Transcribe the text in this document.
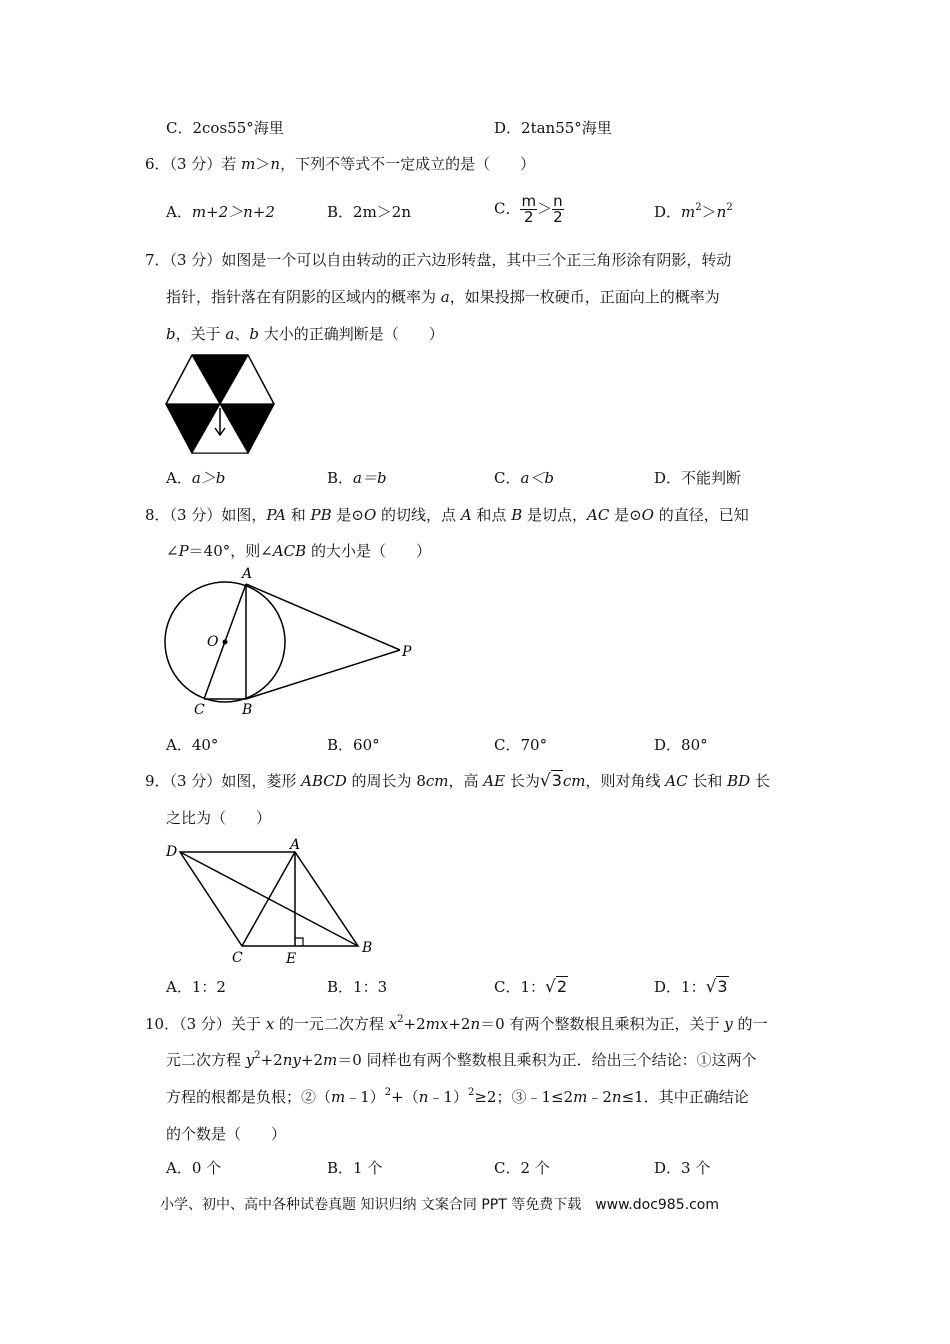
C．2cos55°海里	D．2tan55°海里
6．（3 分）若 m＞n，下列不等式不一定成立的是（　　）
A．m+2＞n+2	B．2m＞2n	C． $\frac{m}{2} > \frac{n}{2}$	D．$m^2>n^2$
7．（3 分）如图是一个可以自由转动的正六边形转盘，其中三个正三角形涂有阴影，转动
指针，指针落在有阴影的区域内的概率为 a，如果投掷一枚硬币，正面向上的概率为
b，关于 a、b 大小的正确判断是（　　）
A．a＞b	B．a＝b	C．a＜b	D．不能判断
8．（3 分）如图，PA 和 PB 是⊙O 的切线，点 A 和点 B 是切点，AC 是⊙O 的直径，已知
∠P＝40°，则∠ACB 的大小是（　　）
A
O
C	B
P
A．40°	B．60°	C．70°	D．80°
9．（3 分）如图，菱形 ABCD 的周长为 8cm，高 AE 长为√3cm，则对角线 AC 长和 BD 长
之比为（　　）
D	A
C	E
B
A．1：2	B．1：3	C．1：√2	D．1：√3
10．（3 分）关于 x 的一元二次方程 $x^2+2mx+2n=0$ 有两个整数根且乘积为正，关于 y 的一
元二次方程 $y^2+2ny+2m=0$ 同样也有两个整数根且乘积为正．给出三个结论：①这两个
方程的根都是负根；②（m﹣1）$^2$+（n﹣1）$^2$≥2；③﹣1≤2m﹣2n≤1．其中正确结论
的个数是（　　）
A．0 个	B．1 个	C．2 个	D．3 个
小学、初中、高中各种试卷真题 知识归纳 文案合同 PPT 等免费下载　www.doc985.com
